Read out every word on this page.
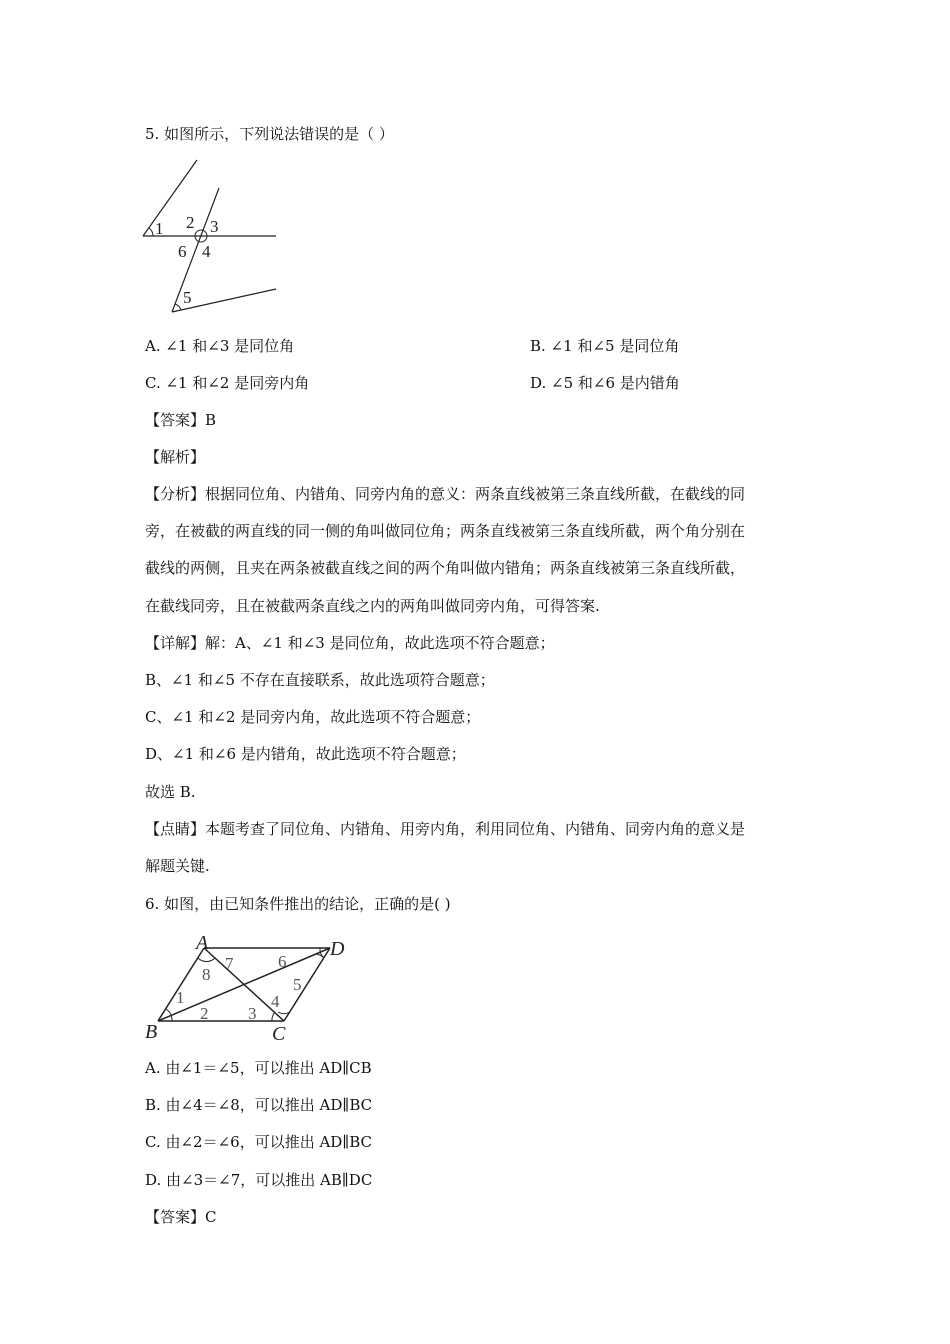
5. 如图所示，下列说法错误的是（ ）
1 2 3
6 4
5
A. ∠1 和∠3 是同位角	B. ∠1 和∠5 是同位角
C. ∠1 和∠2 是同旁内角	D. ∠5 和∠6 是内错角
【答案】B
【解析】
【分析】根据同位角、内错角、同旁内角的意义：两条直线被第三条直线所截，在截线的同
旁，在被截的两直线的同一侧的角叫做同位角；两条直线被第三条直线所截，两个角分别在
截线的两侧，且夹在两条被截直线之间的两个角叫做内错角；两条直线被第三条直线所截，
在截线同旁，且在被截两条直线之内的两角叫做同旁内角，可得答案.
【详解】解：A、∠1 和∠3 是同位角，故此选项不符合题意；
B、∠1 和∠5 不存在直接联系，故此选项符合题意；
C、∠1 和∠2 是同旁内角，故此选项不符合题意；
D、∠1 和∠6 是内错角，故此选项不符合题意；
故选 B.
【点睛】本题考查了同位角、内错角、用旁内角，利用同位角、内错角、同旁内角的意义是
解题关键.
6. 如图，由已知条件推出的结论，正确的是( )
A	D
B	C
8
7	6
5
1
2 3
4
A. 由∠1＝∠5，可以推出 AD∥CB
B. 由∠4＝∠8，可以推出 AD∥BC
C. 由∠2＝∠6，可以推出 AD∥BC
D. 由∠3＝∠7，可以推出 AB∥DC
【答案】C
